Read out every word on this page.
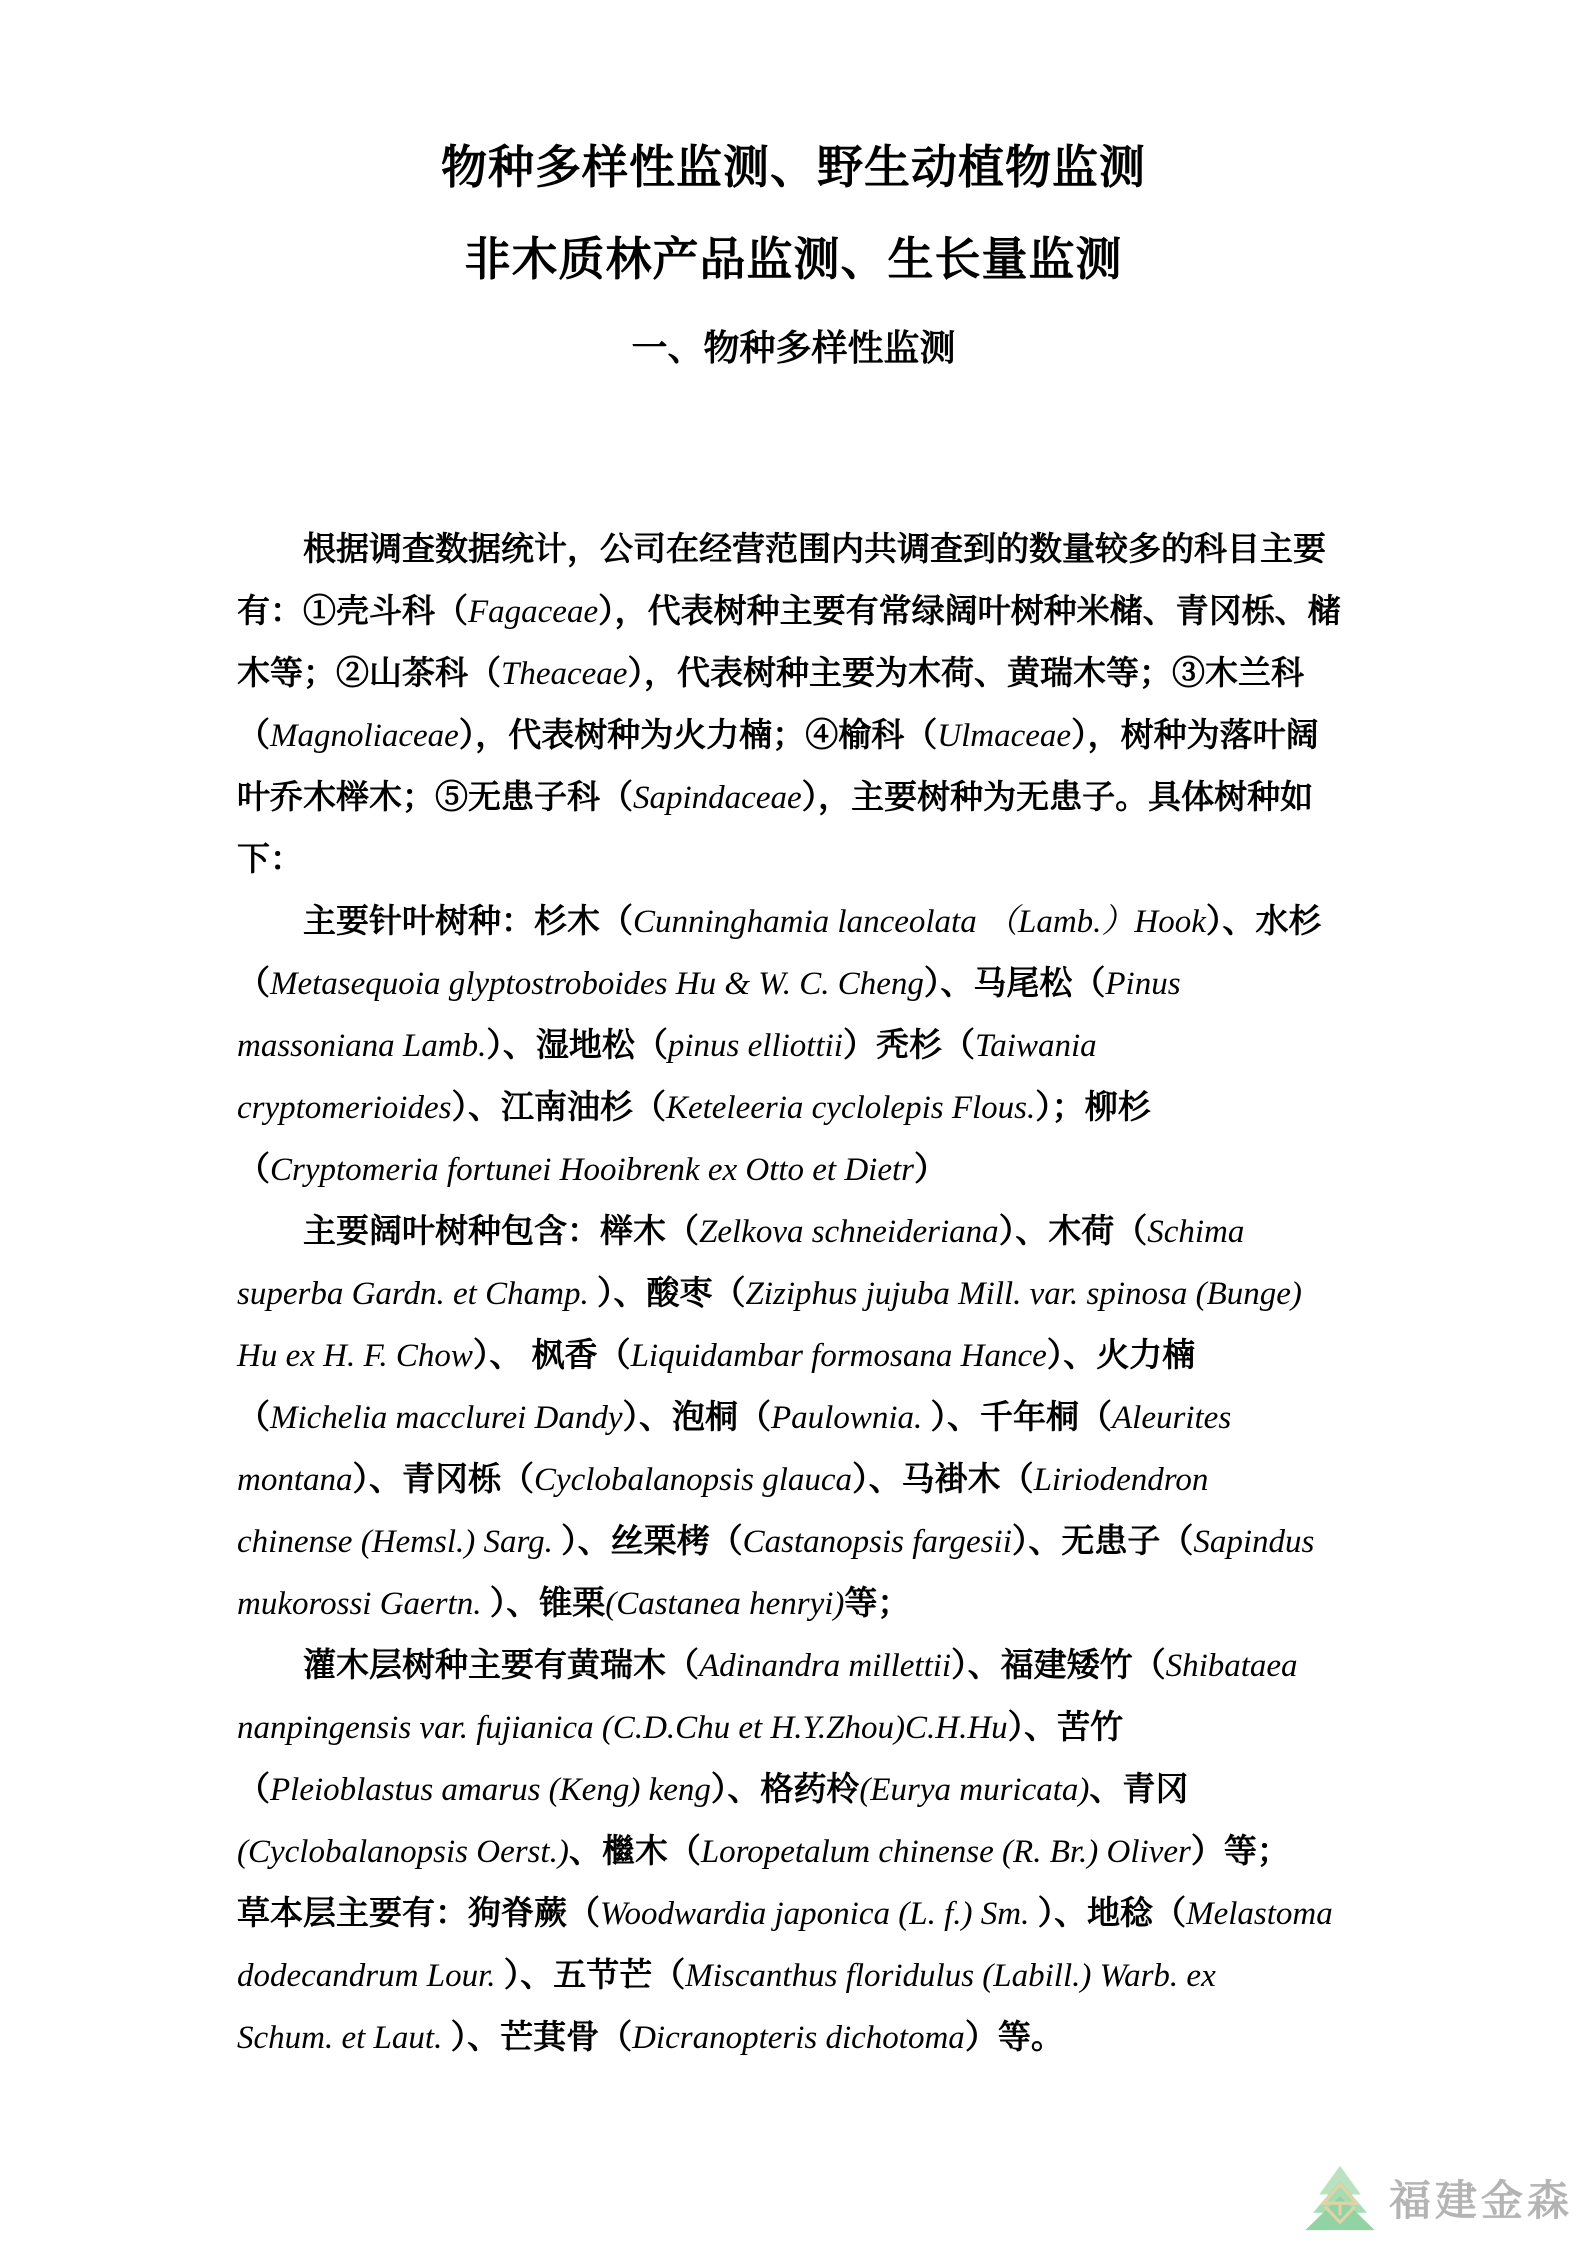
物种多样性监测、野生动植物监测
非木质林产品监测、生长量监测
一、物种多样性监测
根据调查数据统计，公司在经营范围内共调查到的数量较多的科目主要
有：①壳斗科（Fagaceae），代表树种主要有常绿阔叶树种米槠、青冈栎、槠
木等；②山茶科（Theaceae），代表树种主要为木荷、黄瑞木等；③木兰科
（Magnoliaceae），代表树种为火力楠；④榆科（Ulmaceae），树种为落叶阔
叶乔木榉木；⑤无患子科（Sapindaceae），主要树种为无患子。具体树种如
下：
主要针叶树种：杉木（Cunninghamia lanceolata （Lamb.）Hook）、水杉
（Metasequoia glyptostroboides Hu & W. C. Cheng）、马尾松（Pinus
massoniana Lamb.）、湿地松（pinus elliottii）秃杉（Taiwania
cryptomerioides）、江南油杉（Keteleeria cyclolepis Flous.）；柳杉
（Cryptomeria fortunei Hooibrenk ex Otto et Dietr）
主要阔叶树种包含：榉木（Zelkova schneideriana）、木荷（Schima
superba Gardn. et Champ. ）、酸枣（Ziziphus jujuba Mill. var. spinosa (Bunge)
Hu ex H. F. Chow）、 枫香（Liquidambar formosana Hance）、火力楠
（Michelia macclurei Dandy）、泡桐（Paulownia. ）、千年桐（Aleurites
montana）、青冈栎（Cyclobalanopsis glauca）、马褂木（Liriodendron
chinense (Hemsl.) Sarg. ）、丝栗栲（Castanopsis fargesii）、无患子（Sapindus
mukorossi Gaertn. ）、锥栗(Castanea henryi)等；
灌木层树种主要有黄瑞木（Adinandra millettii）、福建矮竹（Shibataea
nanpingensis var. fujianica (C.D.Chu et H.Y.Zhou)C.H.Hu）、苦竹
（Pleioblastus amarus (Keng) keng）、格药柃(Eurya muricata)、青冈
(Cyclobalanopsis Oerst.)、檵木（Loropetalum chinense (R. Br.) Oliver）等；
草本层主要有：狗脊蕨（Woodwardia japonica (L. f.) Sm. ）、地稔（Melastoma
dodecandrum Lour. ）、五节芒（Miscanthus floridulus (Labill.) Warb. ex
Schum. et Laut. ）、芒萁骨（Dicranopteris dichotoma）等。
福建金森
